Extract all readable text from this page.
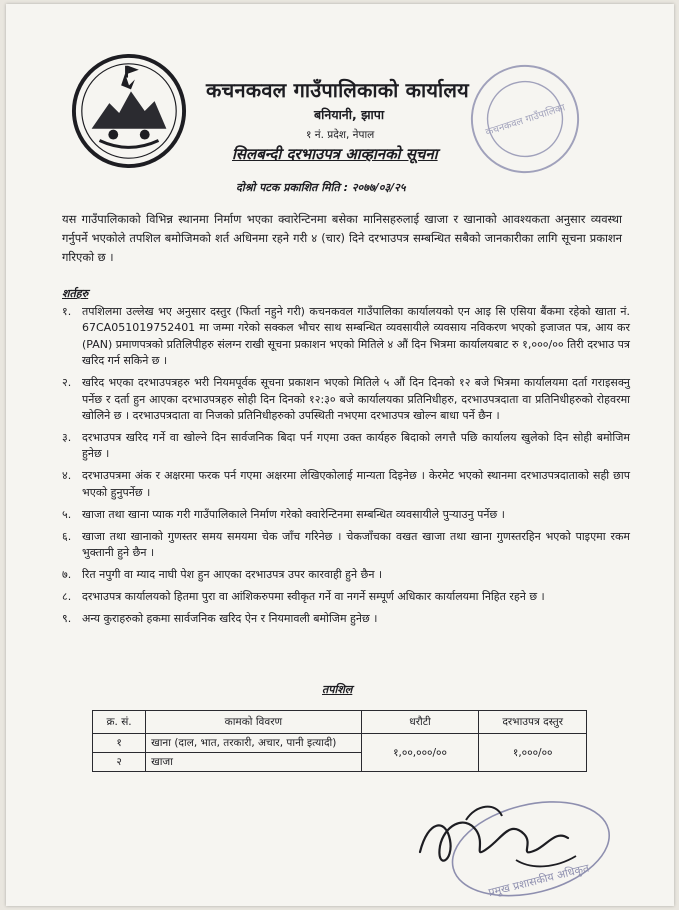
कचनकवल गाउँपालिकाको कार्यालय
बनियानी, झापा
१ नं. प्रदेश, नेपाल
सिलबन्दी दरभाउपत्र आव्हानको सूचना
कचनकवल गाउँपालिका
दोश्रो पटक प्रकाशित मिति : २०७७/०३/२५
यस गाउँपालिकाको विभिन्न स्थानमा निर्माण भएका क्वारेन्टिनमा बसेका मानिसहरुलाई खाजा र खानाको आवश्यकता अनुसार व्यवस्था गर्नुपर्ने भएकोले तपशिल बमोजिमको शर्त अधिनमा रहने गरी ४ (चार) दिने दरभाउपत्र सम्बन्धित सबैको जानकारीका लागि सूचना प्रकाशन गरिएको छ ।
शर्तहरु
१. तपशिलमा उल्लेख भए अनुसार दस्तुर (फिर्ता नहुने गरी) कचनकवल गाउँपालिका कार्यालयको एन आइ सि एसिया बैंकमा रहेको खाता नं. 67CA05101975240​1 मा जम्मा गरेको सक्कल भौचर साथ सम्बन्धित व्यवसायीले व्यवसाय नविकरण भएको इजाजत पत्र, आय कर (PAN) प्रमाणपत्रको प्रतिलिपीहरु संलग्न राखी सूचना प्रकाशन भएको मितिले ४ औं दिन भित्रमा कार्यालयबाट रु १,०००/०० तिरी दरभाउ पत्र खरिद गर्न सकिने छ ।
२. खरिद भएका दरभाउपत्रहरु भरी नियमपूर्वक सूचना प्रकाशन भएको मितिले ५ औं दिन दिनको १२ बजे भित्रमा कार्यालयमा दर्ता गराइसक्नु पर्नेछ र दर्ता हुन आएका दरभाउपत्रहरु सोही दिन दिनको १२:३० बजे कार्यालयका प्रतिनिधीहरु, दरभाउपत्रदाता वा प्रतिनिधीहरुको रोहवरमा खोलिने छ । दरभाउपत्रदाता वा निजको प्रतिनिधीहरुको उपस्थिती नभएमा दरभाउपत्र खोल्न बाधा पर्ने छैन ।
३. दरभाउपत्र खरिद गर्ने वा खोल्ने दिन सार्वजनिक बिदा पर्न गएमा उक्त कार्यहरु बिदाको लगत्तै पछि कार्यालय खुलेको दिन सोही बमोजिम हुनेछ ।
४. दरभाउपत्रमा अंक र अक्षरमा फरक पर्न गएमा अक्षरमा लेखिएकोलाई मान्यता दिइनेछ । केरमेट भएको स्थानमा दरभाउपत्रदाताको सही छाप भएको हुनुपर्नेछ ।
५. खाजा तथा खाना प्याक गरी गाउँपालिकाले निर्माण गरेको क्वारेन्टिनमा सम्बन्धित व्यवसायीले पुऱ्याउनु पर्नेछ ।
६. खाजा तथा खानाको गुणस्तर समय समयमा चेक जाँच गरिनेछ । चेकजाँचका वखत खाजा तथा खाना गुणस्तरहिन भएको पाइएमा रकम भुक्तानी हुने छैन ।
७. रित नपुगी वा म्याद नाघी पेश हुन आएका दरभाउपत्र उपर कारवाही हुने छैन ।
८. दरभाउपत्र कार्यालयको हितमा पुरा वा आंशिकरुपमा स्वीकृत गर्ने वा नगर्ने सम्पूर्ण अधिकार कार्यालयमा निहित रहने छ ।
९. अन्य कुराहरुको हकमा सार्वजनिक खरिद ऐन र नियमावली बमोजिम हुनेछ ।
तपशिल
क्र. सं.	कामको विवरण	धरौटी	दरभाउपत्र दस्तुर
१	खाना (दाल, भात, तरकारी, अचार, पानी इत्यादी)	१,००,०००/००	१,०००/००
२	खाजा		
प्रमुख प्रशासकीय अधिकृत
